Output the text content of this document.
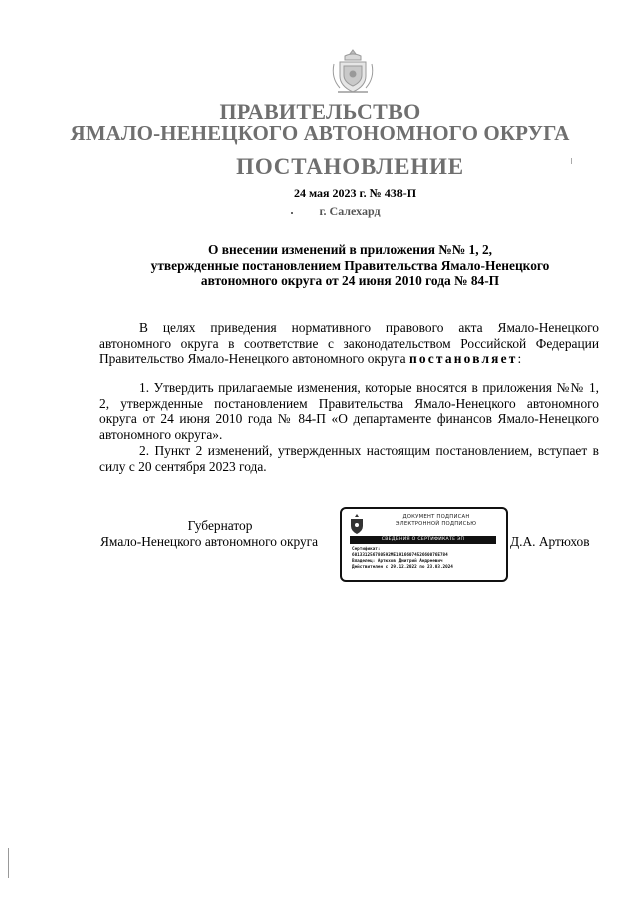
ПРАВИТЕЛЬСТВО
ЯМАЛО-НЕНЕЦКОГО АВТОНОМНОГО ОКРУГА
ПОСТАНОВЛЕНИЕ
24 мая 2023 г. № 438-П
г. Салехард
О внесении изменений в приложения №№ 1, 2,
утвержденные постановлением Правительства Ямало-Ненецкого
автономного округа от 24 июня 2010 года № 84-П
В целях приведения нормативного правового акта Ямало-Ненецкого автономного округа в соответствие с законодательством Российской Федерации Правительство Ямало-Ненецкого автономного округа постановляет:
1. Утвердить прилагаемые изменения, которые вносятся в приложения №№ 1, 2, утвержденные постановлением Правительства Ямало-Ненецкого автономного округа от 24 июня 2010 года № 84-П «О департаменте финансов Ямало-Ненецкого автономного округа».
2. Пункт 2 изменений, утвержденных настоящим постановлением, вступает в силу с 20 сентября 2023 года.
Губернатор
Ямало-Ненецкого автономного округа
ДОКУМЕНТ ПОДПИСАН
ЭЛЕКТРОННОЙ ПОДПИСЬЮ
СВЕДЕНИЯ О СЕРТИФИКАТЕ ЭП
Сертификат:
601331256780592ME1916607452660076E784
Владелец: Артюхов Дмитрий Андреевич
Действителен с 29.12.2022 по 23.03.2024
Д.А. Артюхов
